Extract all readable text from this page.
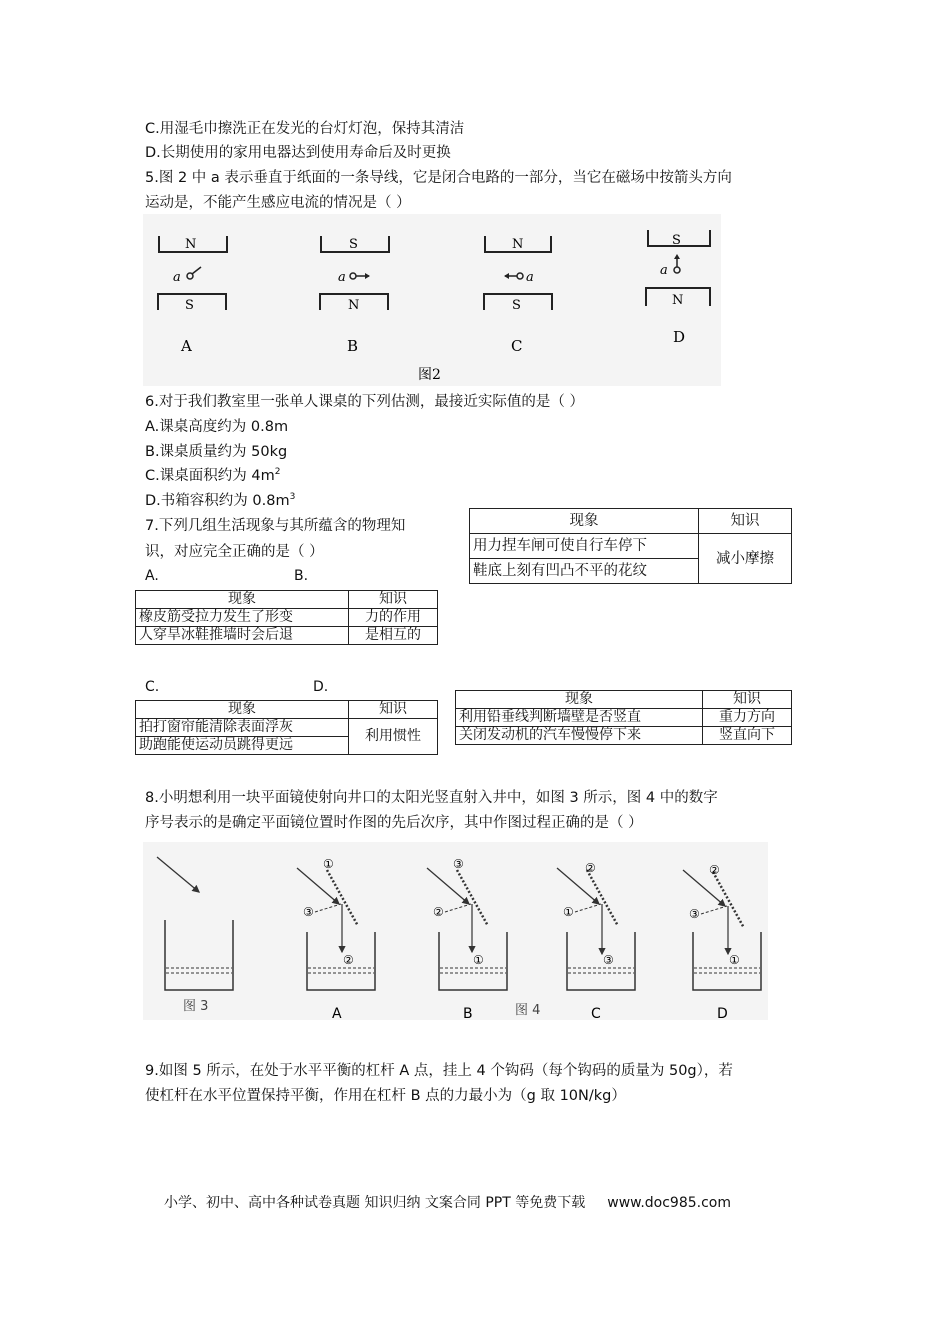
C.用湿毛巾擦洗正在发光的台灯灯泡，保持其清洁
D.长期使用的家用电器达到使用寿命后及时更换
5.图 2 中 a 表示垂直于纸面的一条导线，它是闭合电路的一部分，当它在磁场中按箭头方向
运动是，不能产生感应电流的情况是（ ）
N
a
S
A
S
a
N
B
N
a
S
C
S
a
N
D
图2
6.对于我们教室里一张单人课桌的下列估测，最接近实际值的是（ ）
A.课桌高度约为 0.8m
B.课桌质量约为 50kg
C.课桌面积约为 $4m^2$
D.书箱容积约为 $0.8m^3$
7.下列几组生活现象与其所蕴含的物理知
识，对应完全正确的是（ ）
现象	知识
用力捏车闸可使自行车停下	减小摩擦
鞋底上刻有凹凸不平的花纹	
A.	B.
现象	知识
橡皮筋受拉力发生了形变	力的作用
人穿旱冰鞋推墙时会后退	是相互的
C.	D.
现象	知识
拍打窗帘能清除表面浮灰	利用惯性
助跑能使运动员跳得更远	
现象	知识
利用铅垂线判断墙壁是否竖直	重力方向
关闭发动机的汽车慢慢停下来	竖直向下
8.小明想利用一块平面镜使射向井口的太阳光竖直射入井中，如图 3 所示，图 4 中的数字
序号表示的是确定平面镜位置时作图的先后次序，其中作图过程正确的是（ ）
图 3
①
③
②
A
③
②
①
B
②
①
③
C
②
③
①
D
图 4
9.如图 5 所示，在处于水平平衡的杠杆 A 点，挂上 4 个钩码（每个钩码的质量为 50g），若
使杠杆在水平位置保持平衡，作用在杠杆 B 点的力最小为（g 取 10N/kg）
小学、初中、高中各种试卷真题 知识归纳 文案合同 PPT 等免费下载 www.doc985.com
